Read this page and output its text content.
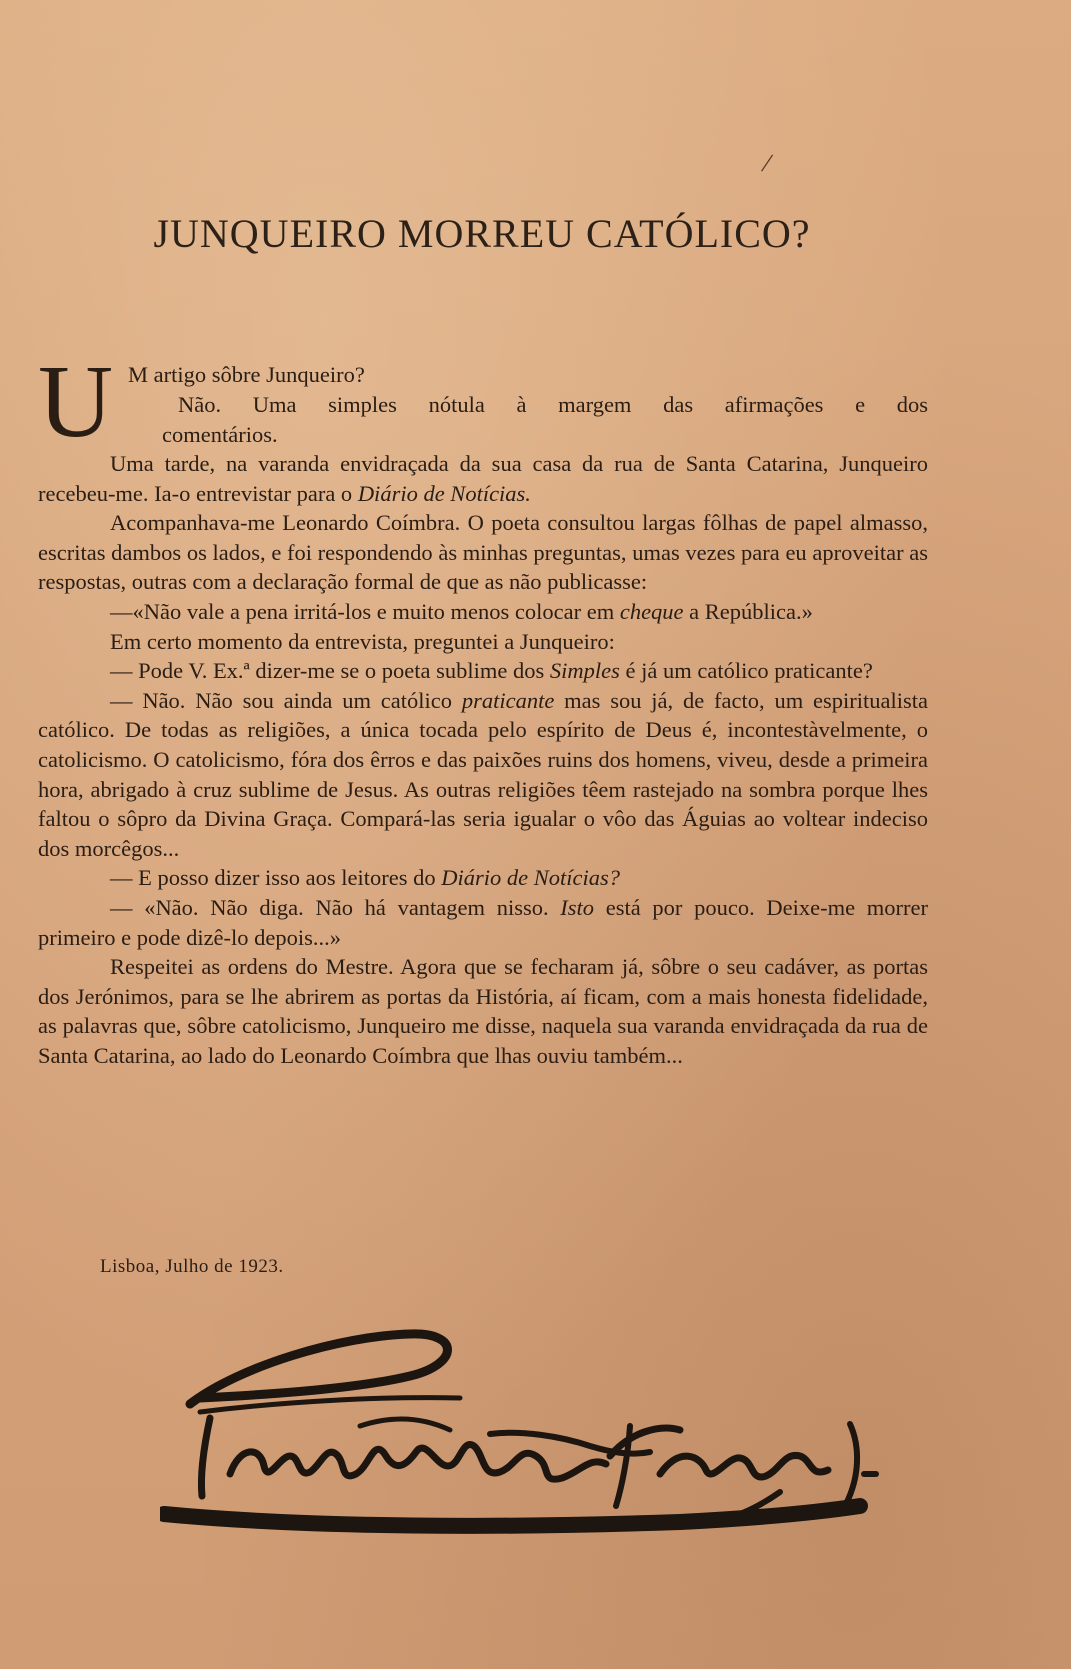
/
JUNQUEIRO MORREU CATÓLICO?
U M artigo sôbre Junqueiro?
Não. Uma simples nótula à margem das afirmações e dos
comentários.

Uma tarde, na varanda envidraçada da sua casa da rua de Santa Catarina, Junqueiro recebeu-me. Ia-o entrevistar para o Diário de Notícias.

Acompanhava-me Leonardo Coímbra. O poeta consultou largas fôlhas de papel almasso, escritas dambos os lados, e foi respondendo às minhas preguntas, umas vezes para eu aproveitar as respostas, outras com a declaração formal de que as não publicasse:

—«Não vale a pena irritá-los e muito menos colocar em cheque a República.»

Em certo momento da entrevista, preguntei a Junqueiro:

— Pode V. Ex.ª dizer-me se o poeta sublime dos Simples é já um católico praticante?

— Não. Não sou ainda um católico praticante mas sou já, de facto, um espiritualista católico. De todas as religiões, a única tocada pelo espírito de Deus é, incontestàvelmente, o catolicismo. O catolicismo, fóra dos êrros e das paixões ruins dos homens, viveu, desde a primeira hora, abrigado à cruz sublime de Jesus. As outras religiões têem rastejado na sombra porque lhes faltou o sôpro da Divina Graça. Compará-las seria igualar o vôo das Águias ao voltear indeciso dos morcêgos...

— E posso dizer isso aos leitores do Diário de Notícias?

— «Não. Não diga. Não há vantagem nisso. Isto está por pouco. Deixe-me morrer primeiro e pode dizê-lo depois...»

Respeitei as ordens do Mestre. Agora que se fecharam já, sôbre o seu cadáver, as portas dos Jerónimos, para se lhe abrirem as portas da História, aí ficam, com a mais honesta fidelidade, as palavras que, sôbre catolicismo, Junqueiro me disse, naquela sua varanda envidraçada da rua de Santa Catarina, ao lado do Leonardo Coímbra que lhas ouviu também...

Lisboa, Julho de 1923.
